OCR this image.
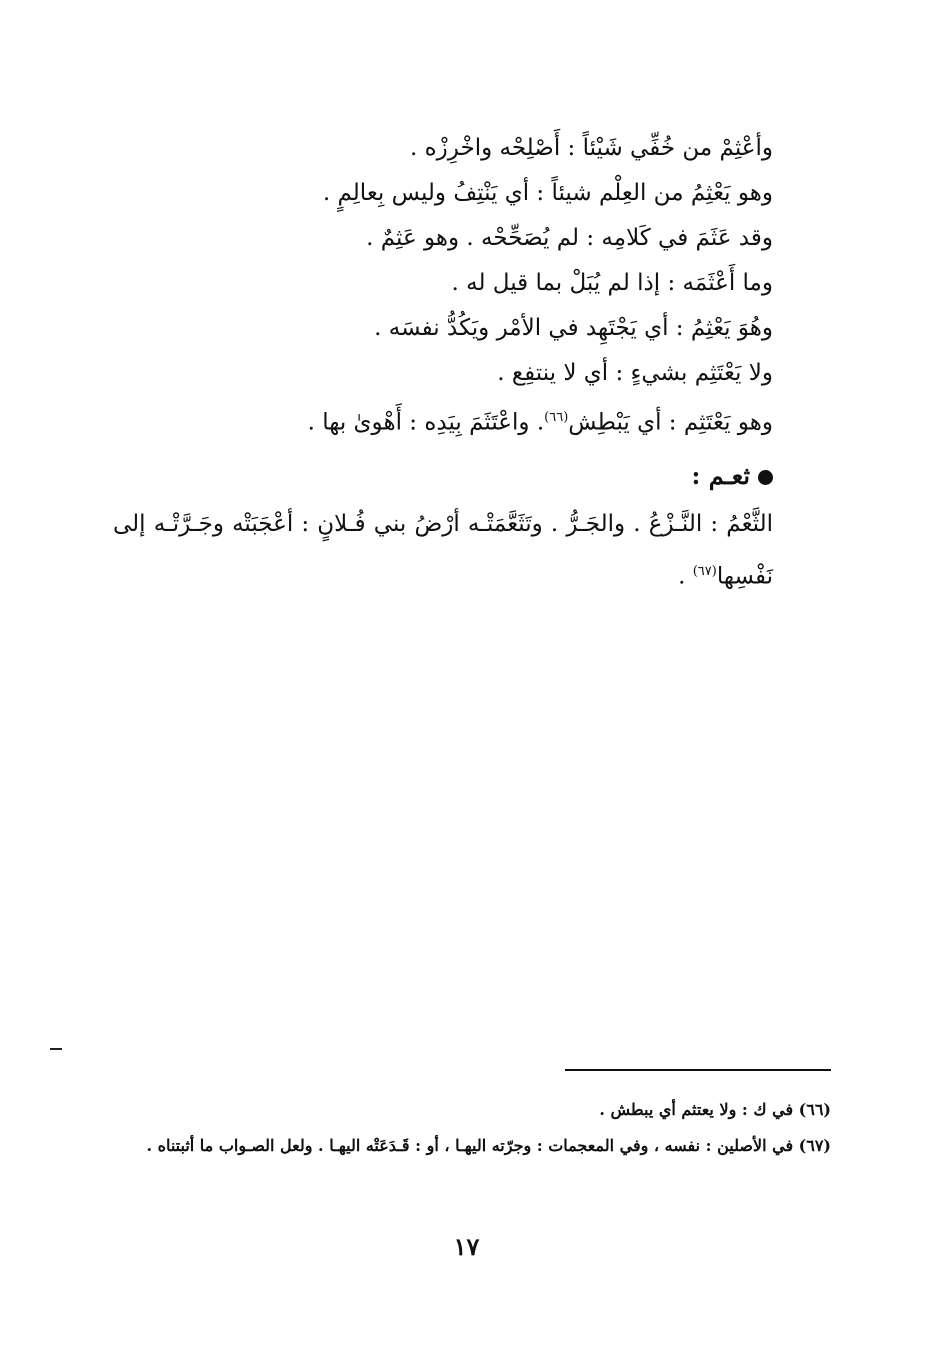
وأعْثِمْ من خُفِّي شَيْئاً : أَصْلِحْه واخْرِزْه .
وهو يَعْثِمُ من العِلْم شيئاً : أي يَنْتِفُ وليس بِعالِمٍ .
وقد عَثَمَ في كَلامِه : لم يُصَحِّحْه . وهو عَثِمٌ .
وما أَعْثَمَه : إذا لم يُبَلْ بما قيل له .
وهُوَ يَعْثِمُ : أي يَجْتَهِد في الأمْر ويَكُدُّ نفسَه .
ولا يَعْتَثِم بشيءٍ : أي لا ينتفِع .
وهو يَعْتَثِم : أي يَبْطِش$^{(٦٦)}$. واعْتَثَمَ بِيَدِه : أَهْوىٰ بها .
ثعـم :
الثَّعْمُ : النَّـزْعُ . والجَـرُّ . وتَثَعَّمَتْـه أرْضُ بني فُـلانٍ : أعْجَبَتْه وجَـرَّتْـه إلى نَفْسِها$^{(٦٧)}$ .
(٦٦) في ك : ولا يعتثم أي يبطش .
(٦٧) في الأصلين : نفسه ، وفي المعجمات : وجرّته اليهـا ، أو : قَـدَعَتْه اليهـا . ولعل الصـواب ما أثبتناه .
١٧
